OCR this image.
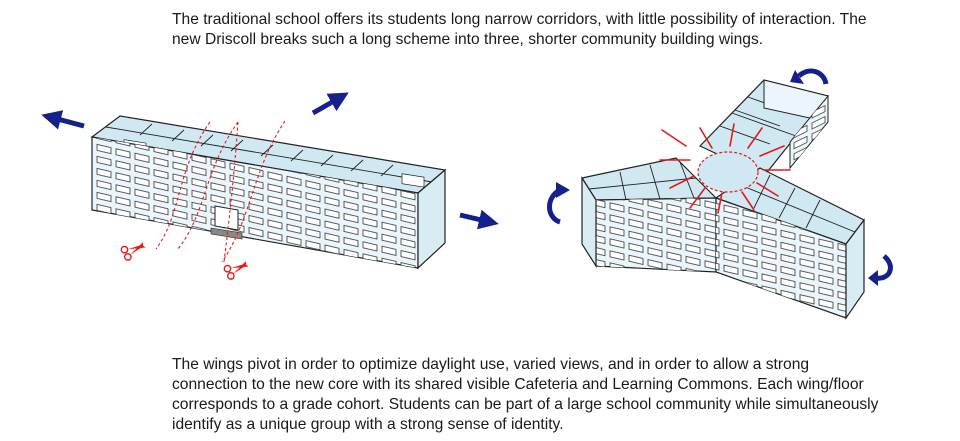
The traditional school offers its students long narrow corridors, with little possibility of interaction. The
new Driscoll breaks such a long scheme into three, shorter community building wings.

The wings pivot in order to optimize daylight use, varied views, and in order to allow a strong
connection to the new core with its shared visible Cafeteria and Learning Commons. Each wing/floor
corresponds to a grade cohort. Students can be part of a large school community while simultaneously
identify as a unique group with a strong sense of identity.
